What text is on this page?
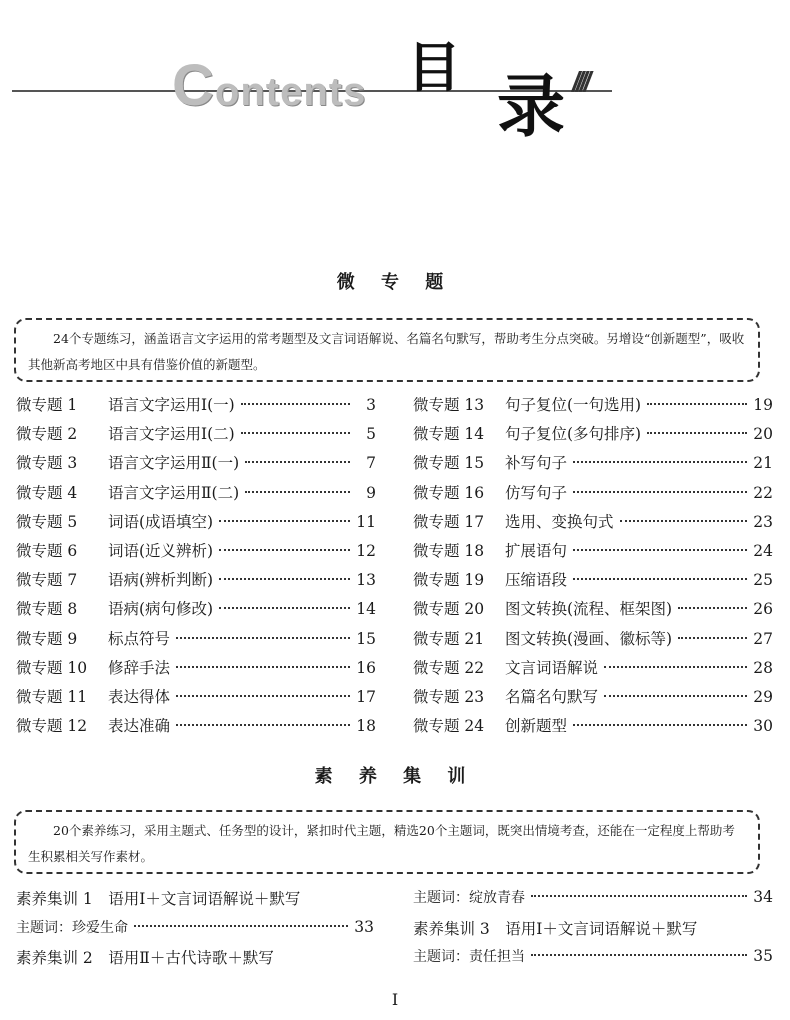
Contents 目 录 ////
微 专 题
24个专题练习，涵盖语言文字运用的常考题型及文言词语解说、名篇名句默写，帮助考生分点突破。另增设“创新题型”，吸收其他新高考地区中具有借鉴价值的新题型。
微专题 1	语言文字运用Ⅰ(一)	3
微专题 2	语言文字运用Ⅰ(二)	5
微专题 3	语言文字运用Ⅱ(一)	7
微专题 4	语言文字运用Ⅱ(二)	9
微专题 5	词语(成语填空)	11
微专题 6	词语(近义辨析)	12
微专题 7	语病(辨析判断)	13
微专题 8	语病(病句修改)	14
微专题 9	标点符号	15
微专题 10	修辞手法	16
微专题 11	表达得体	17
微专题 12	表达准确	18
微专题 13	句子复位(一句选用)	19
微专题 14	句子复位(多句排序)	20
微专题 15	补写句子	21
微专题 16	仿写句子	22
微专题 17	选用、变换句式	23
微专题 18	扩展语句	24
微专题 19	压缩语段	25
微专题 20	图文转换(流程、框架图)	26
微专题 21	图文转换(漫画、徽标等)	27
微专题 22	文言词语解说	28
微专题 23	名篇名句默写	29
微专题 24	创新题型	30
素 养 集 训
20个素养练习，采用主题式、任务型的设计，紧扣时代主题，精选20个主题词，既突出情境考查，还能在一定程度上帮助考生积累相关写作素材。
素养集训 1　语用Ⅰ＋文言词语解说＋默写
主题词：珍爱生命	33
素养集训 2　语用Ⅱ＋古代诗歌＋默写
主题词：绽放青春	34
素养集训 3　语用Ⅰ＋文言词语解说＋默写
主题词：责任担当	35
I
